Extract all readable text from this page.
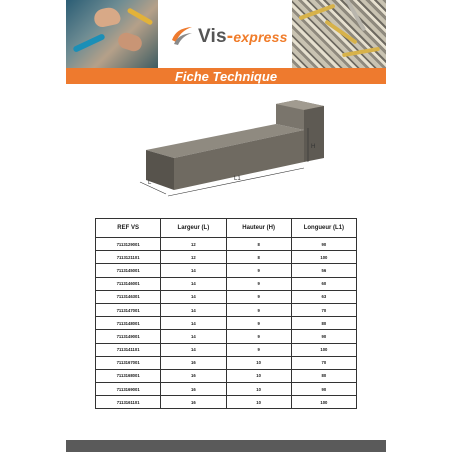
Vis-express
Fiche Technique
H
L1
L
REF VS	Largeur (L)	Hauteur (H)	Longueur (L1)
7113129001	12	8	90
7113121101	12	8	100
7113145001	14	9	56
7113146001	14	9	60
7113146301	14	9	63
7113147001	14	9	70
7113148001	14	9	80
7113149001	14	9	90
7113141101	14	9	100
7113167001	16	10	70
7113168001	16	10	80
7113169001	16	10	90
7113161101	16	10	100
